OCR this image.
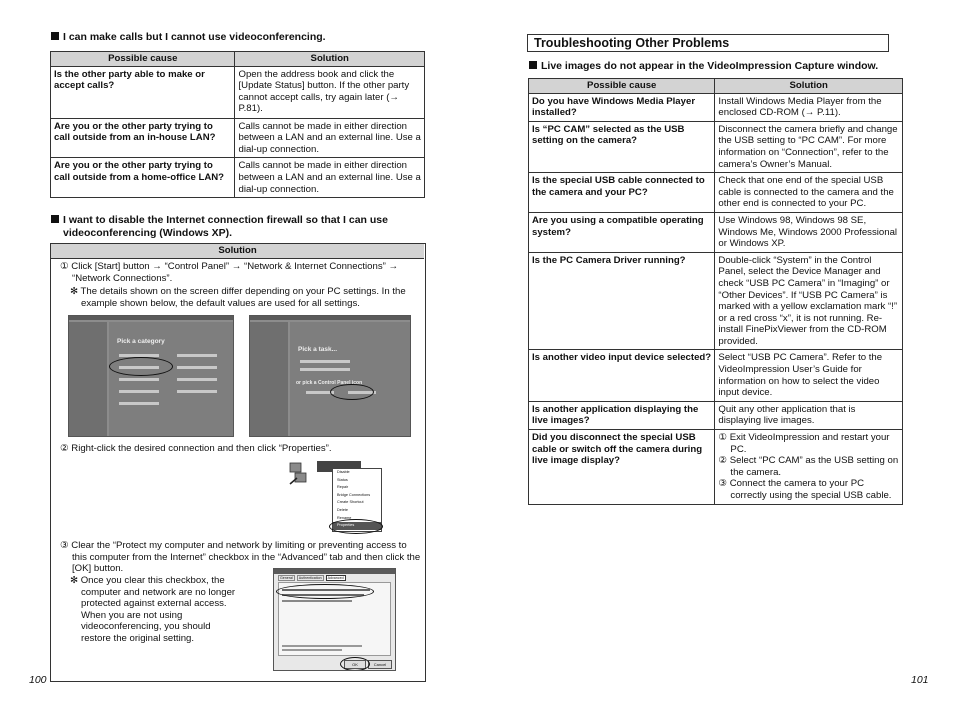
I can make calls but I cannot use videoconferencing.
Possible cause	Solution
Is the other party able to make or accept calls?	Open the address book and click the [Update Status] button. If the other party cannot accept calls, try again later (→ P.81).
Are you or the other party trying to call outside from an in-house LAN?	Calls cannot be made in either direction between a LAN and an external line. Use a dial-up connection.
Are you or the other party trying to call outside from a home-office LAN?	Calls cannot be made in either direction between a LAN and an external line. Use a dial-up connection.
I want to disable the Internet connection firewall so that I can use
videoconferencing (Windows XP).
Solution
① Click [Start] button → “Control Panel” → “Network & Internet Connections” →
“Network Connections”.
✻ The details shown on the screen differ depending on your PC settings. In the
example shown below, the default values are used for all settings.
Pick a category
Pick a task...
or pick a Control Panel icon
② Right-click the desired connection and then click “Properties”.
Disable
Status
Repair
Bridge Connections
Create Shortcut
Delete
Rename
Properties
③ Clear the “Protect my computer and network by limiting or preventing access to
this computer from the Internet” checkbox in the “Advanced” tab and then click the
[OK] button.
✻ Once you clear this checkbox, the
computer and network are no longer
protected against external access.
When you are not using
videoconferencing, you should
restore the original setting.
General Authentication Advanced
OK	Cancel
100
Troubleshooting Other Problems
Live images do not appear in the VideoImpression Capture window.
Possible cause	Solution
Do you have Windows Media Player installed?	Install Windows Media Player from the enclosed CD-ROM (→ P.11).
Is “PC CAM” selected as the USB setting on the camera?	Disconnect the camera briefly and change the USB setting to “PC CAM”. For more information on “Connection”, refer to the camera’s Owner’s Manual.
Is the special USB cable connected to the camera and your PC?	Check that one end of the special USB cable is connected to the camera and the other end is connected to your PC.
Are you using a compatible operating system?	Use Windows 98, Windows 98 SE, Windows Me, Windows 2000 Professional or Windows XP.
Is the PC Camera Driver running?	Double-click “System” in the Control Panel, select the Device Manager and check “USB PC Camera” in “Imaging” or “Other Devices”. If “USB PC Camera” is marked with a yellow exclamation mark “!” or a red cross “x”, it is not running. Re-install FinePixViewer from the CD-ROM provided.
Is another video input device selected?	Select “USB PC Camera”. Refer to the VideoImpression User’s Guide for information on how to select the video input device.
Is another application displaying the live images?	Quit any other application that is displaying live images.
Did you disconnect the special USB cable or switch off the camera during live image display?	① Exit VideoImpression and restart your PC.
② Select “PC CAM” as the USB setting on the camera.
③ Connect the camera to your PC correctly using the special USB cable.
101
